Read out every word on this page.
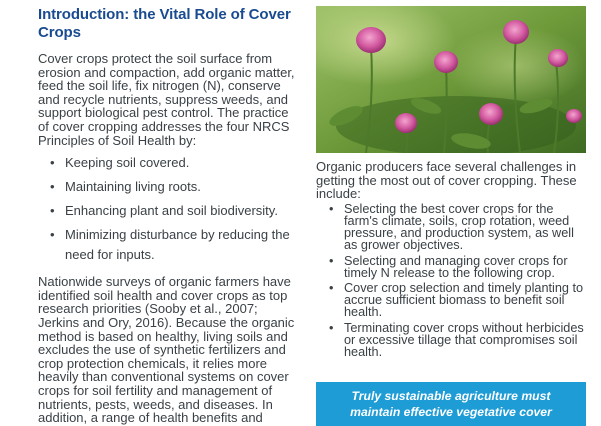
Introduction: the Vital Role of Cover Crops

Cover crops protect the soil surface from erosion and compaction, add organic matter, feed the soil life, fix nitrogen (N), conserve and recycle nutrients, suppress weeds, and support biological pest control. The practice of cover cropping addresses the four NRCS Principles of Soil Health by:

• Keeping soil covered.
• Maintaining living roots.
• Enhancing plant and soil biodiversity.
• Minimizing disturbance by reducing the need for inputs.

Nationwide surveys of organic farmers have identified soil health and cover crops as top research priorities (Sooby et al., 2007; Jerkins and Ory, 2016). Because the organic method is based on healthy, living soils and excludes the use of synthetic fertilizers and crop protection chemicals, it relies more heavily than conventional systems on cover crops for soil fertility and management of nutrients, pests, weeds, and diseases. In addition, a range of health benefits and

Organic producers face several challenges in getting the most out of cover cropping. These include:

• Selecting the best cover crops for the farm's climate, soils, crop rotation, weed pressure, and production system, as well as grower objectives.
• Selecting and managing cover crops for timely N release to the following crop.
• Cover crop selection and timely planting to accrue sufficient biomass to benefit soil health.
• Terminating cover crops without herbicides or excessive tillage that compromises soil health.
Truly sustainable agriculture must
maintain effective vegetative cover
